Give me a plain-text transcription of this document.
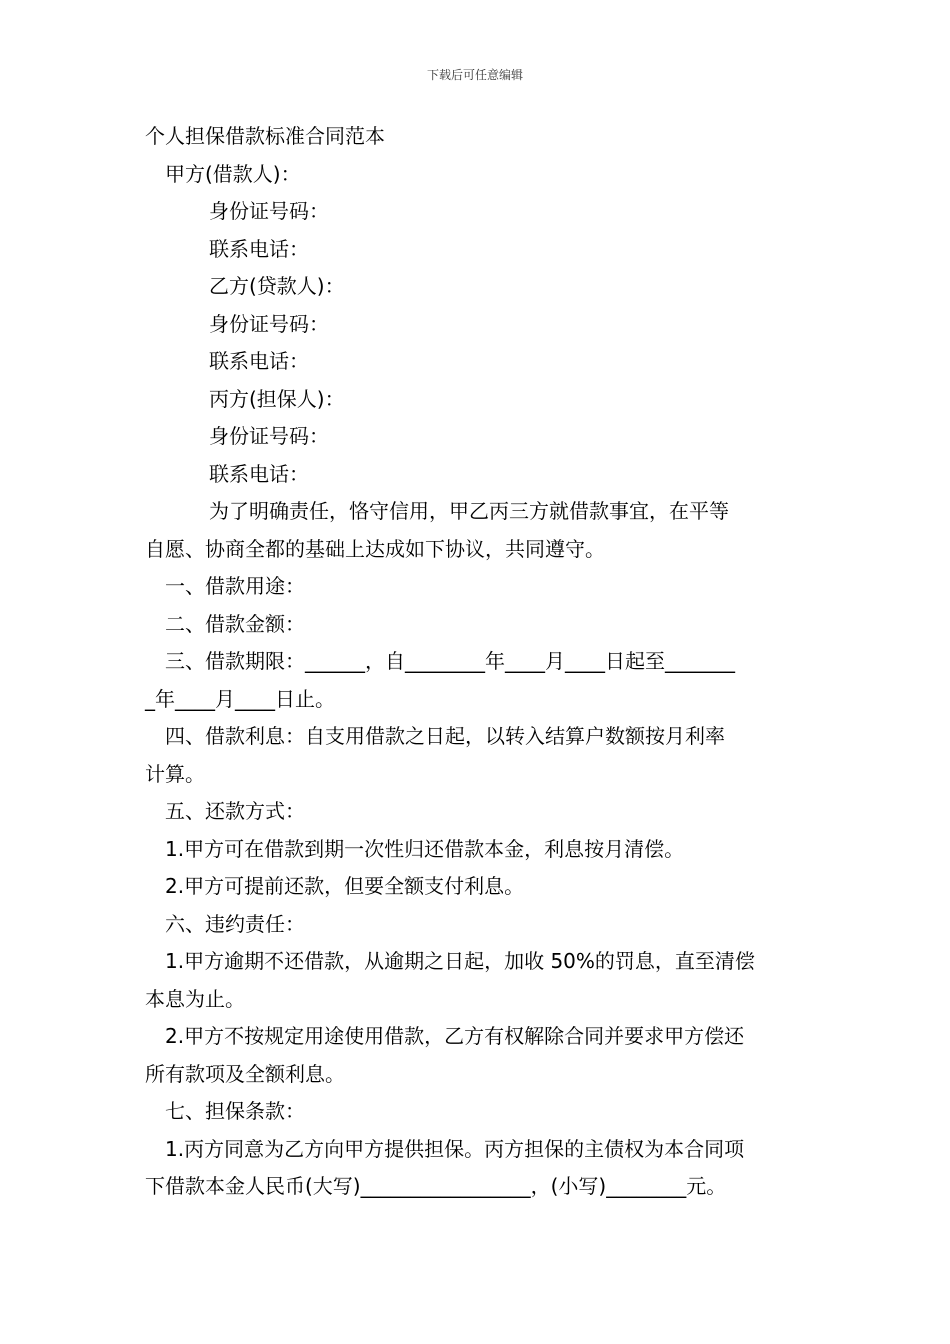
下载后可任意编辑

个人担保借款标准合同范本

甲方(借款人)：

身份证号码：

联系电话：

乙方(贷款人)：

身份证号码：

联系电话：

丙方(担保人)：

身份证号码：

联系电话：

为了明确责任，恪守信用，甲乙丙三方就借款事宜，在平等

自愿、协商全都的基础上达成如下协议，共同遵守。

一、借款用途：

二、借款金额：

三、借款期限：______，自________年____月____日起至_______

_年____月____日止。

四、借款利息：自支用借款之日起，以转入结算户数额按月利率

计算。

五、还款方式：

1.甲方可在借款到期一次性归还借款本金，利息按月清偿。

2.甲方可提前还款，但要全额支付利息。

六、违约责任：

1.甲方逾期不还借款，从逾期之日起，加收 50%的罚息，直至清偿

本息为止。

2.甲方不按规定用途使用借款，乙方有权解除合同并要求甲方偿还

所有款项及全额利息。

七、担保条款：

1.丙方同意为乙方向甲方提供担保。丙方担保的主债权为本合同项

下借款本金人民币(大写)_________________，(小写)________元。
